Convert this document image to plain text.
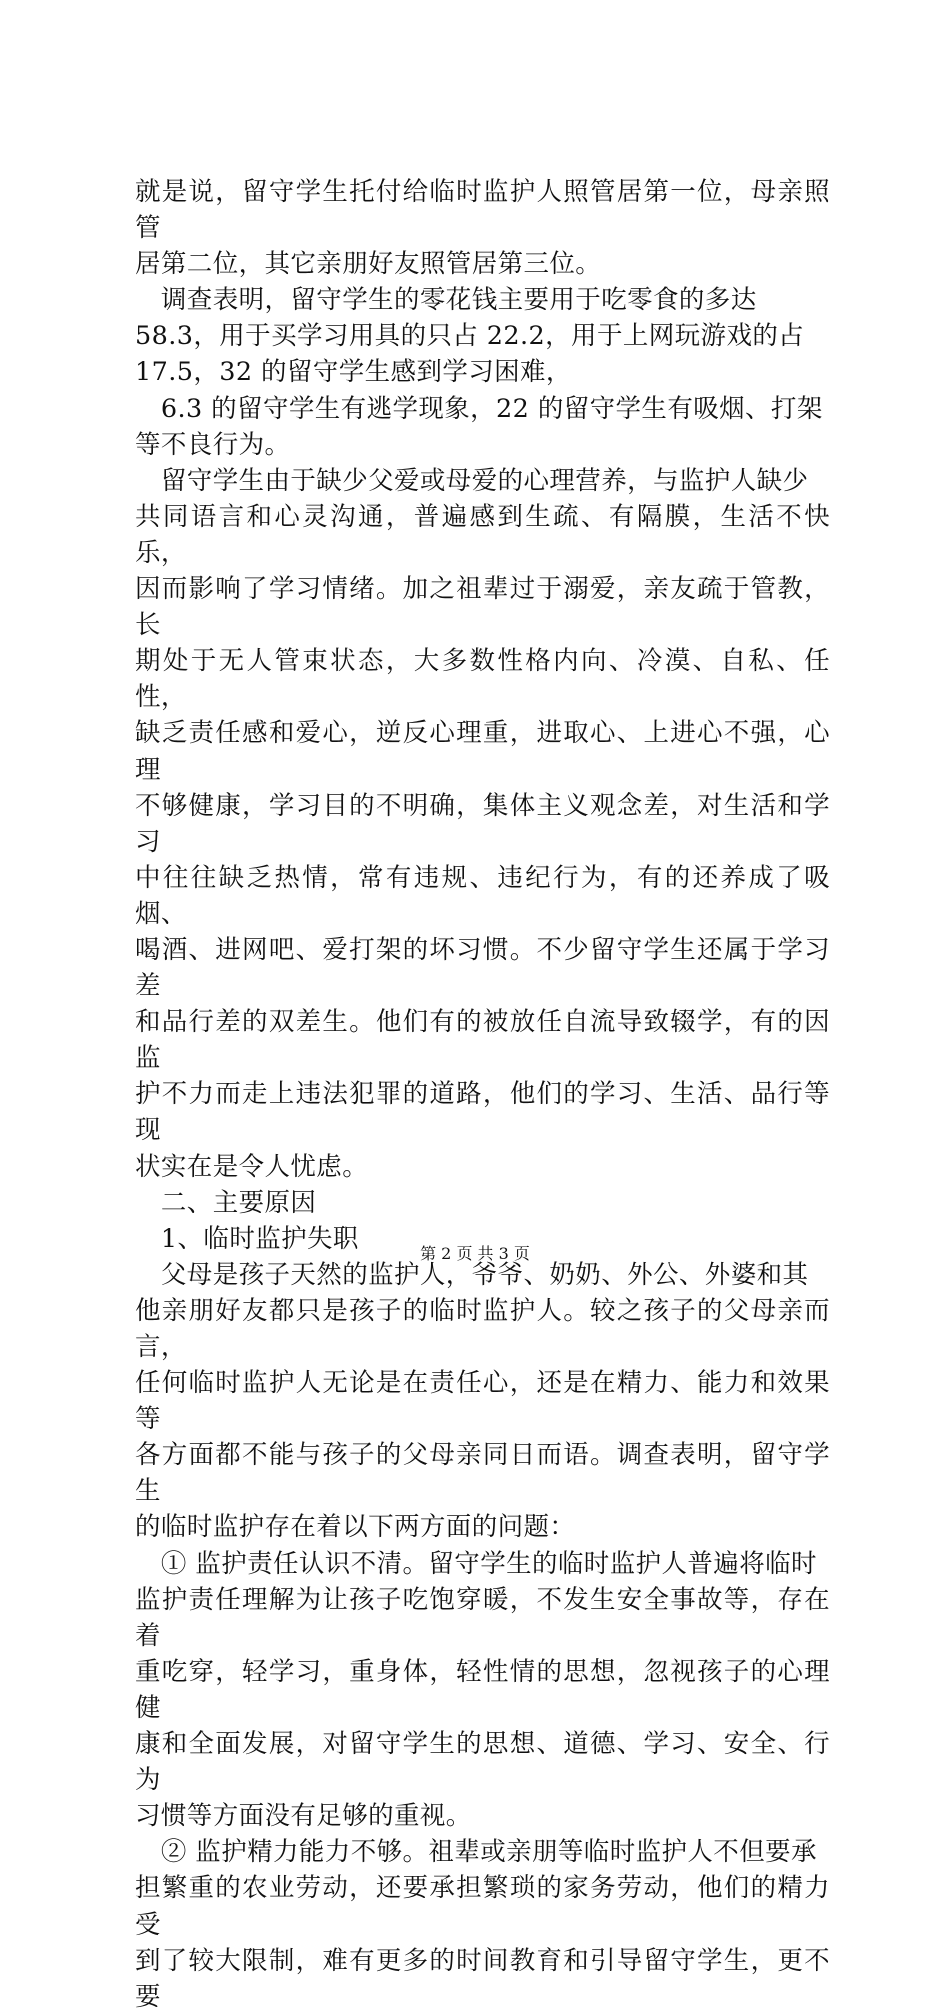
就是说，留守学生托付给临时监护人照管居第一位，母亲照管

居第二位，其它亲朋好友照管居第三位。

　调查表明，留守学生的零花钱主要用于吃零食的多达

58.3，用于买学习用具的只占 22.2，用于上网玩游戏的占

17.5，32 的留守学生感到学习困难，

　6.3 的留守学生有逃学现象，22 的留守学生有吸烟、打架

等不良行为。

　留守学生由于缺少父爱或母爱的心理营养，与监护人缺少

共同语言和心灵沟通，普遍感到生疏、有隔膜，生活不快乐，

因而影响了学习情绪。加之祖辈过于溺爱，亲友疏于管教，长

期处于无人管束状态，大多数性格内向、冷漠、自私、任性，

缺乏责任感和爱心，逆反心理重，进取心、上进心不强，心理

不够健康，学习目的不明确，集体主义观念差，对生活和学习

中往往缺乏热情，常有违规、违纪行为，有的还养成了吸烟、

喝酒、进网吧、爱打架的坏习惯。不少留守学生还属于学习差

和品行差的双差生。他们有的被放任自流导致辍学，有的因监

护不力而走上违法犯罪的道路，他们的学习、生活、品行等现

状实在是令人忧虑。

　二、主要原因

　1、临时监护失职

　父母是孩子天然的监护人，爷爷、奶奶、外公、外婆和其

他亲朋好友都只是孩子的临时监护人。较之孩子的父母亲而言，

任何临时监护人无论是在责任心，还是在精力、能力和效果等

各方面都不能与孩子的父母亲同日而语。调查表明，留守学生

的临时监护存在着以下两方面的问题：

　① 监护责任认识不清。留守学生的临时监护人普遍将临时

监护责任理解为让孩子吃饱穿暖，不发生安全事故等，存在着

重吃穿，轻学习，重身体，轻性情的思想，忽视孩子的心理健

康和全面发展，对留守学生的思想、道德、学习、安全、行为

习惯等方面没有足够的重视。

　② 监护精力能力不够。祖辈或亲朋等临时监护人不但要承

担繁重的农业劳动，还要承担繁琐的家务劳动，他们的精力受

到了较大限制，难有更多的时间教育和引导留守学生，更不要

第 2 页 共 3 页
